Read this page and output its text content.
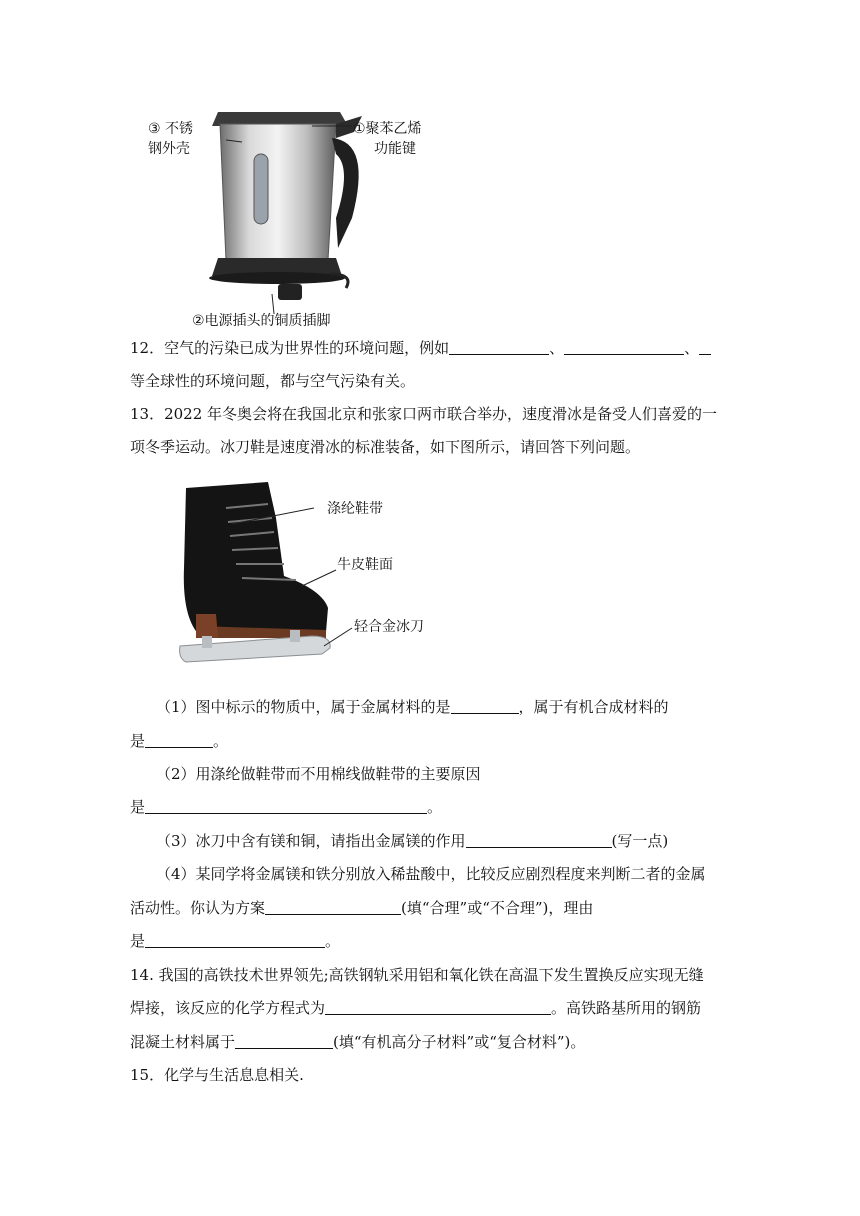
③ 不锈
钢外壳
①聚苯乙烯
功能键
②电源插头的铜质插脚
12．空气的污染已成为世界性的环境问题，例如	、	、
等全球性的环境问题，都与空气污染有关。
13．2022 年冬奥会将在我国北京和张家口两市联合举办，速度滑冰是备受人们喜爱的一
项冬季运动。冰刀鞋是速度滑冰的标准装备，如下图所示，请回答下列问题。
涤纶鞋带
牛皮鞋面
轻合金冰刀
（1）图中标示的物质中，属于金属材料的是	，属于有机合成材料的
是	。
（2）用涤纶做鞋带而不用棉线做鞋带的主要原因
是	。
（3）冰刀中含有镁和铜，请指出金属镁的作用	(写一点)
（4）某同学将金属镁和铁分别放入稀盐酸中，比较反应剧烈程度来判断二者的金属
活动性。你认为方案	(填“合理”或“不合理”)，理由
是	。
14. 我国的高铁技术世界领先;高铁钢轨采用铝和氧化铁在高温下发生置换反应实现无缝
焊接，该反应的化学方程式为	。高铁路基所用的钢筋
混凝土材料属于	(填“有机高分子材料”或“复合材料”)。
15．化学与生活息息相关.
